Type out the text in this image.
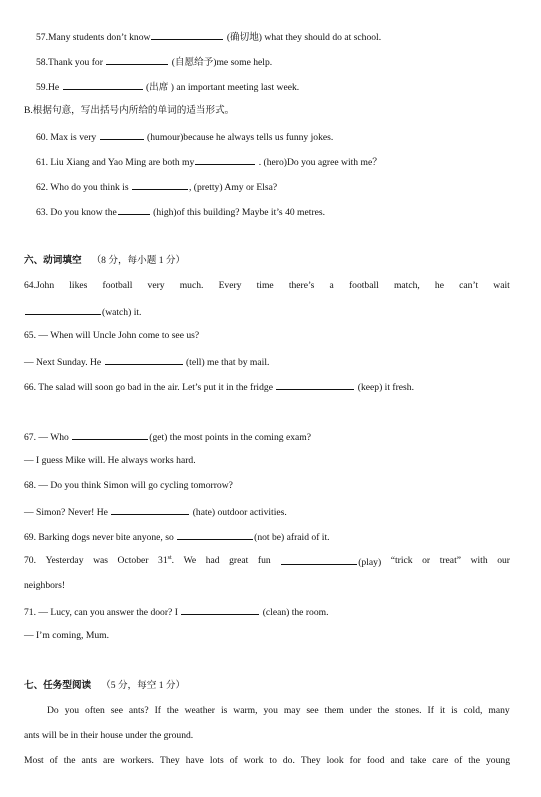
57.Many students don’t know	(确切地) what they should do at school.
58.Thank you for	(自愿给予)me some help.
59.He	(出席 ) an important meeting last week.
B.根据句意，写出括号内所给的单词的适当形式。
60. Max is very	(humour)because he always tells us funny jokes.
61. Liu Xiang and Yao Ming are both my	. (hero)Do you agree with me？
62. Who do you think is	, (pretty) Amy or Elsa?
63. Do you know the	(high)of this building? Maybe it’s 40 metres.
六、动词填空 （8 分，每小题 1 分）
64.John likes football very much. Every time there’s a football match, he can’t wait
(watch) it.
65. — When will Uncle John come to see us?
— Next Sunday. He	(tell) me that by mail.
66. The salad will soon go bad in the air. Let’s put it in the fridge	(keep) it fresh.
67. — Who	(get) the most points in the coming exam?
— I guess Mike will. He always works hard.
68. — Do you think Simon will go cycling tomorrow?
— Simon? Never! He	(hate) outdoor activities.
69. Barking dogs never bite anyone, so	(not be) afraid of it.
70. Yesterday was October 31st. We had great fun	(play) “trick or treat” with our
neighbors!
71. — Lucy, can you answer the door? I	(clean) the room.
— I’m coming, Mum.
七、任务型阅读 （5 分，每空 1 分）
Do you often see ants? If the weather is warm, you may see them under the stones. If it is cold, many
ants will be in their house under the ground.
Most of the ants are workers. They have lots of work to do. They look for food and take care of the young
